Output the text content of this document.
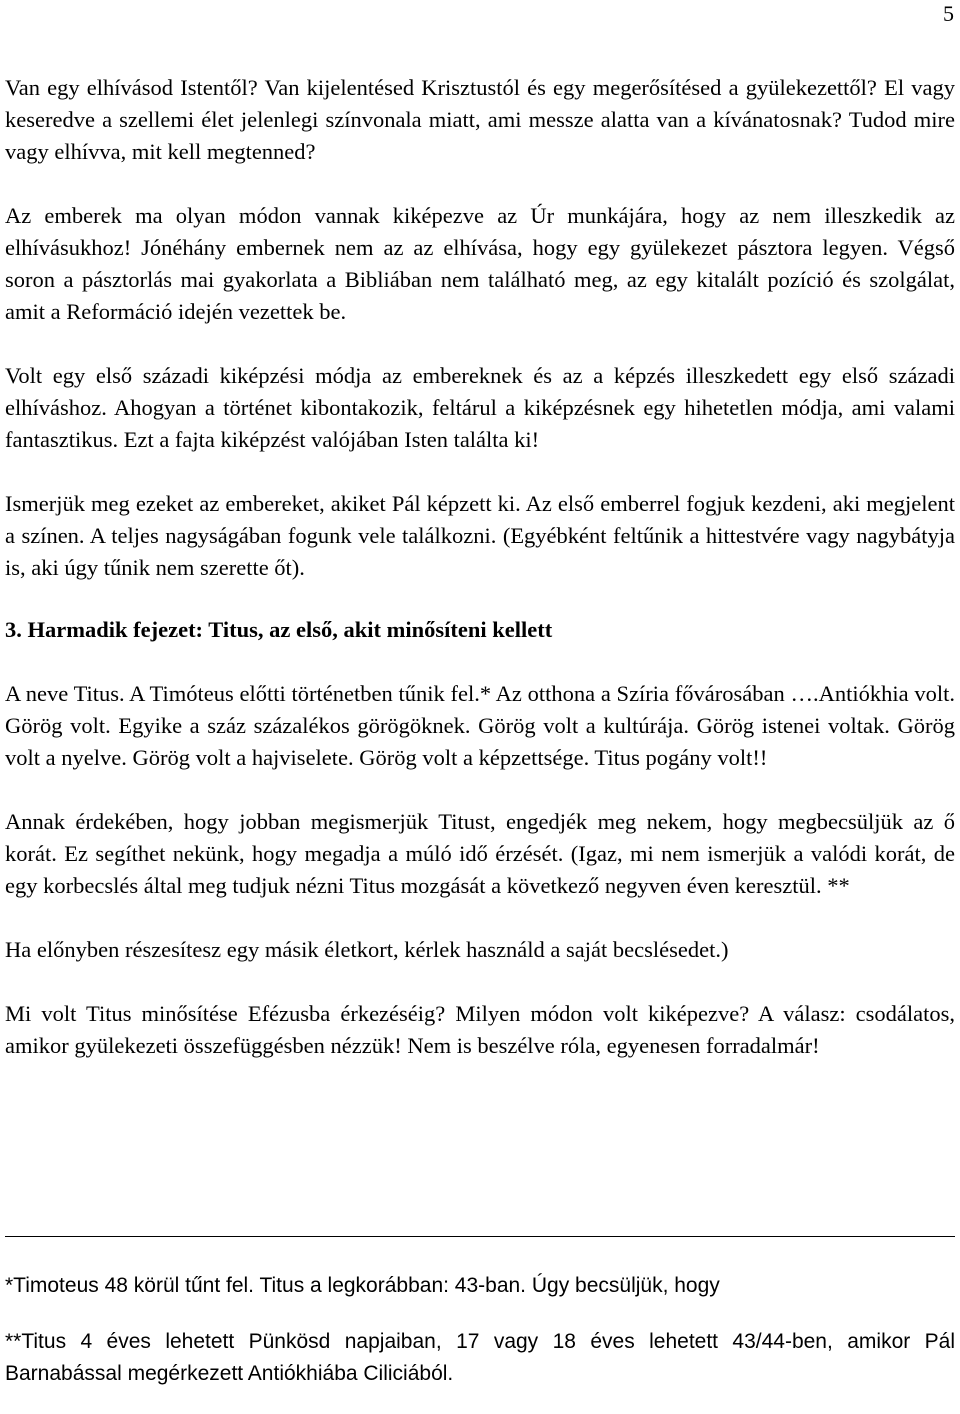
5

Van egy elhívásod Istentől? Van kijelentésed Krisztustól és egy megerősítésed a gyülekezettől? El vagy keseredve a szellemi élet jelenlegi színvonala miatt, ami messze alatta van a kívánatosnak? Tudod mire vagy elhívva, mit kell megtenned?

Az emberek ma olyan módon vannak kiképezve az Úr munkájára, hogy az nem illeszkedik az elhívásukhoz! Jónéhány embernek nem az az elhívása, hogy egy gyülekezet pásztora legyen. Végső soron a pásztorlás mai gyakorlata a Bibliában nem található meg, az egy kitalált pozíció és szolgálat, amit a Reformáció idején vezettek be.

Volt egy első századi kiképzési módja az embereknek és az a képzés illeszkedett egy első századi elhíváshoz. Ahogyan a történet kibontakozik, feltárul a kiképzésnek egy hihetetlen módja, ami valami fantasztikus. Ezt a fajta kiképzést valójában Isten találta ki!

Ismerjük meg ezeket az embereket, akiket Pál képzett ki. Az első emberrel fogjuk kezdeni, aki megjelent a színen. A teljes nagyságában fogunk vele találkozni. (Egyébként feltűnik a hittestvére vagy nagybátyja is, aki úgy tűnik nem szerette őt).

3. Harmadik fejezet: Titus, az első, akit minősíteni kellett

A neve Titus. A Timóteus előtti történetben tűnik fel.* Az otthona a Szíria fővárosában ….Antiókhia volt. Görög volt. Egyike a száz százalékos görögöknek. Görög volt a kultúrája. Görög istenei voltak. Görög volt a nyelve. Görög volt a hajviselete. Görög volt a képzettsége. Titus pogány volt!!

Annak érdekében, hogy jobban megismerjük Titust, engedjék meg nekem, hogy megbecsüljük az ő korát. Ez segíthet nekünk, hogy megadja a múló idő érzését. (Igaz, mi nem ismerjük a valódi korát, de egy korbecslés által meg tudjuk nézni Titus mozgását a következő negyven éven keresztül. **

Ha előnyben részesítesz egy másik életkort, kérlek használd a saját becslésedet.)

Mi volt Titus minősítése Efézusba érkezéséig? Milyen módon volt kiképezve? A válasz: csodálatos, amikor gyülekezeti összefüggésben nézzük! Nem is beszélve róla, egyenesen forradalmár!

*Timoteus 48 körül tűnt fel. Titus a legkorábban: 43-ban. Úgy becsüljük, hogy

**Titus 4 éves lehetett Pünkösd napjaiban, 17 vagy 18 éves lehetett 43/44-ben, amikor Pál Barnabással megérkezett Antiókhiába Ciliciából.
